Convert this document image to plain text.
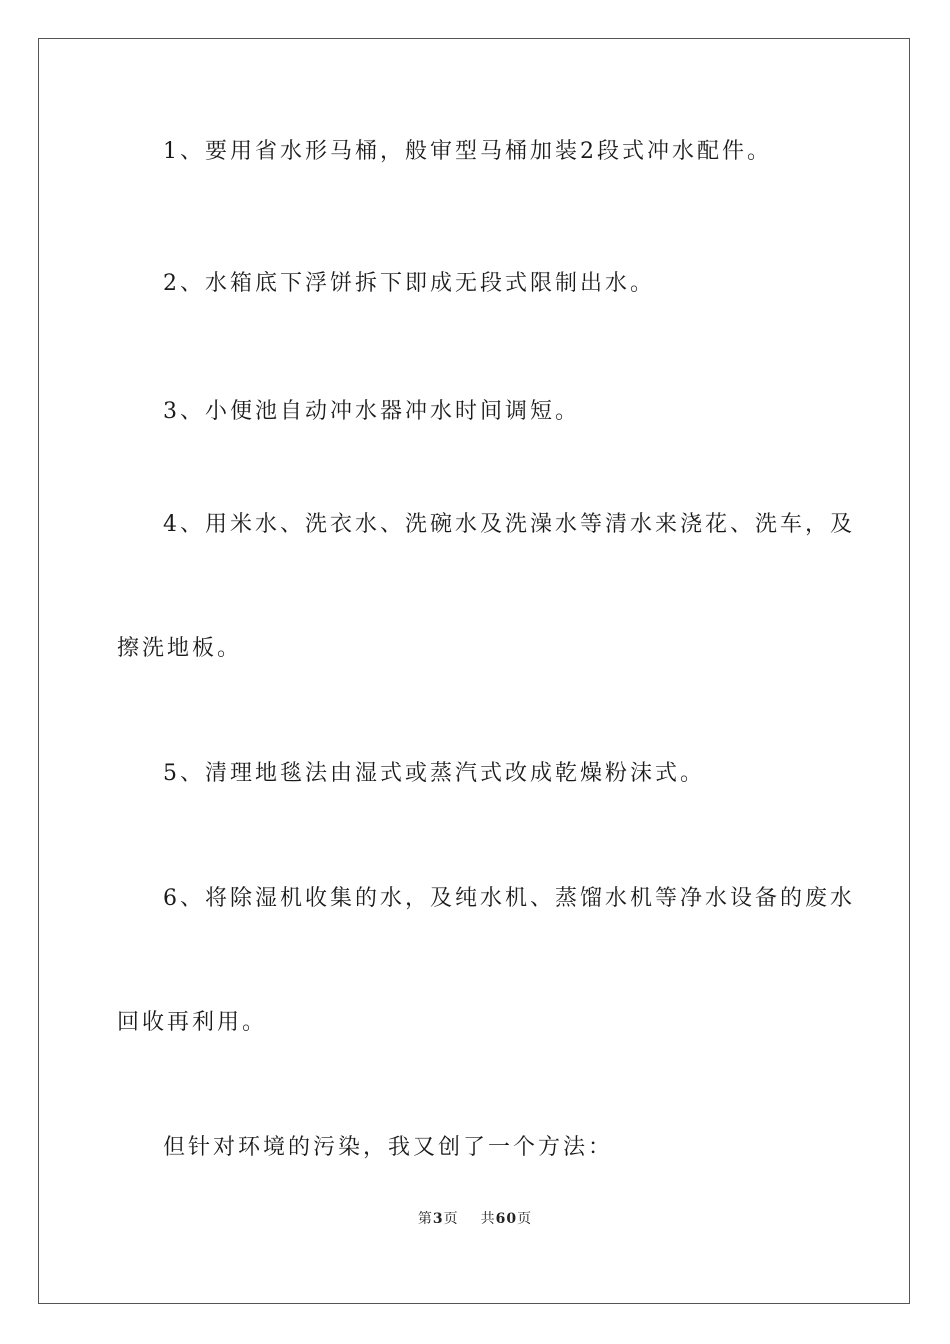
1、要用省水形马桶，般审型马桶加装2段式冲水配件。

2、水箱底下浮饼拆下即成无段式限制出水。

3、小便池自动冲水器冲水时间调短。

4、用米水、洗衣水、洗碗水及洗澡水等清水来浇花、洗车，及

擦洗地板。

5、清理地毯法由湿式或蒸汽式改成乾燥粉沫式。

6、将除湿机收集的水，及纯水机、蒸馏水机等净水设备的废水

回收再利用。

但针对环境的污染，我又创了一个方法：

第3页 共60页
